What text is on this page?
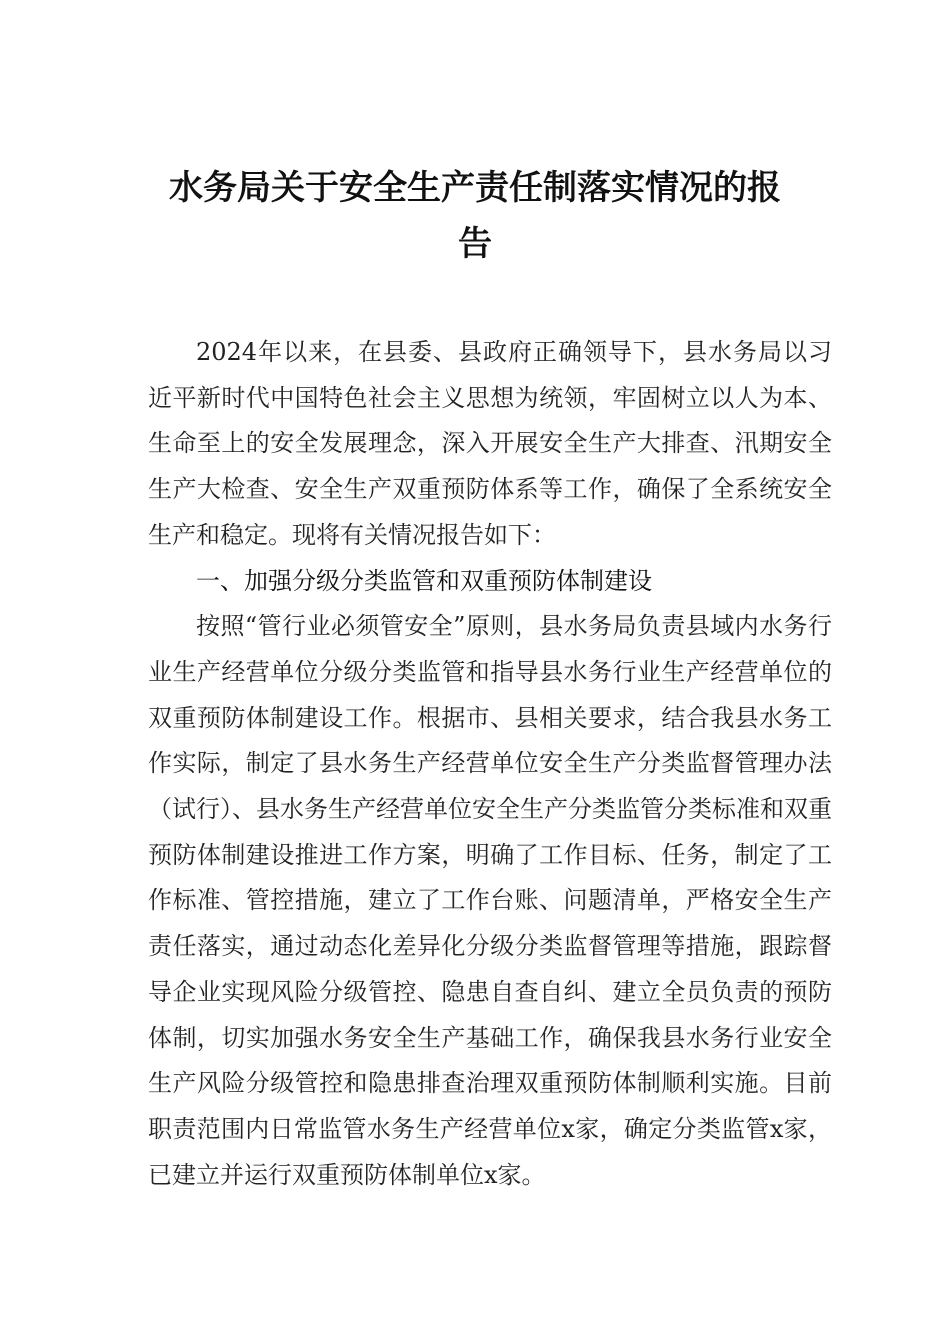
水务局关于安全生产责任制落实情况的报
告

2024年以来，在县委、县政府正确领导下，县水务局以习近平新时代中国特色社会主义思想为统领，牢固树立以人为本、生命至上的安全发展理念，深入开展安全生产大排查、汛期安全生产大检查、安全生产双重预防体系等工作，确保了全系统安全生产和稳定。现将有关情况报告如下：

一、加强分级分类监管和双重预防体制建设

按照“管行业必须管安全”原则，县水务局负责县域内水务行业生产经营单位分级分类监管和指导县水务行业生产经营单位的双重预防体制建设工作。根据市、县相关要求，结合我县水务工作实际，制定了县水务生产经营单位安全生产分类监督管理办法（试行）、县水务生产经营单位安全生产分类监管分类标准和双重预防体制建设推进工作方案，明确了工作目标、任务，制定了工作标准、管控措施，建立了工作台账、问题清单，严格安全生产责任落实，通过动态化差异化分级分类监督管理等措施，跟踪督导企业实现风险分级管控、隐患自查自纠、建立全员负责的预防体制，切实加强水务安全生产基础工作，确保我县水务行业安全生产风险分级管控和隐患排查治理双重预防体制顺利实施。目前职责范围内日常监管水务生产经营单位x家，确定分类监管x家，已建立并运行双重预防体制单位x家。
